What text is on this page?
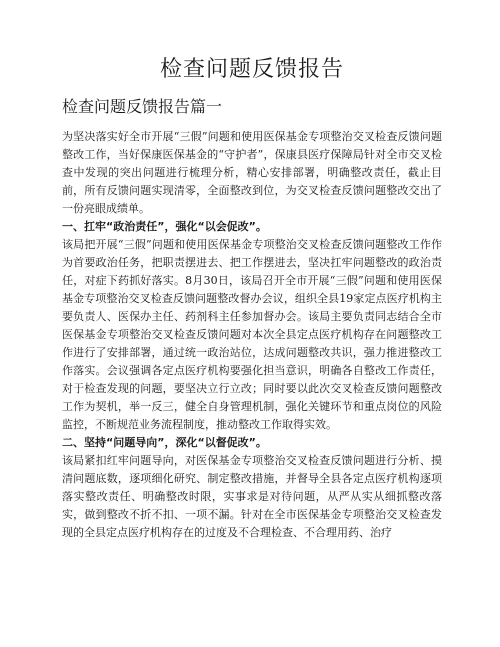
检查问题反馈报告
检查问题反馈报告篇一

为坚决落实好全市开展“三假”问题和使用医保基金专项整治交叉检查反馈问题整改工作，当好保康医保基金的“守护者”，保康县医疗保障局针对全市交叉检查中发现的突出问题进行梳理分析，精心安排部署，明确整改责任，截止目前，所有反馈问题实现清零，全面整改到位，为交叉检查反馈问题整改交出了一份亮眼成绩单。

一、扛牢“政治责任”，强化“以会促改”。

该局把开展“三假”问题和使用医保基金专项整治交叉检查反馈问题整改工作作为首要政治任务，把职责摆进去、把工作摆进去，坚决扛牢问题整改的政治责任，对症下药抓好落实。8月30日，该局召开全市开展“三假”问题和使用医保基金专项整治交叉检查反馈问题整改督办会议，组织全县19家定点医疗机构主要负责人、医保办主任、药剂科主任参加督办会。该局主要负责同志结合全市医保基金专项整治交叉检查反馈问题对本次全县定点医疗机构存在问题整改工作进行了安排部署，通过统一政治站位，达成问题整改共识，强力推进整改工作落实。会议强调各定点医疗机构要强化担当意识，明确各自整改工作责任，对于检查发现的问题，要坚决立行立改；同时要以此次交叉检查反馈问题整改工作为契机，举一反三，健全自身管理机制，强化关键环节和重点岗位的风险监控，不断规范业务流程制度，推动整改工作取得实效。

二、坚持“问题导向”，深化“以督促改”。

该局紧扣红牢问题导向，对医保基金专项整治交叉检查反馈问题进行分析、摸清问题底数，逐项细化研究、制定整改措施，并督导全县各定点医疗机构逐项落实整改责任、明确整改时限，实事求是对待问题，从严从实从细抓整改落实，做到整改不折不扣、一项不漏。针对在全市医保基金专项整治交叉检查发现的全县定点医疗机构存在的过度及不合理检查、不合理用药、治疗
